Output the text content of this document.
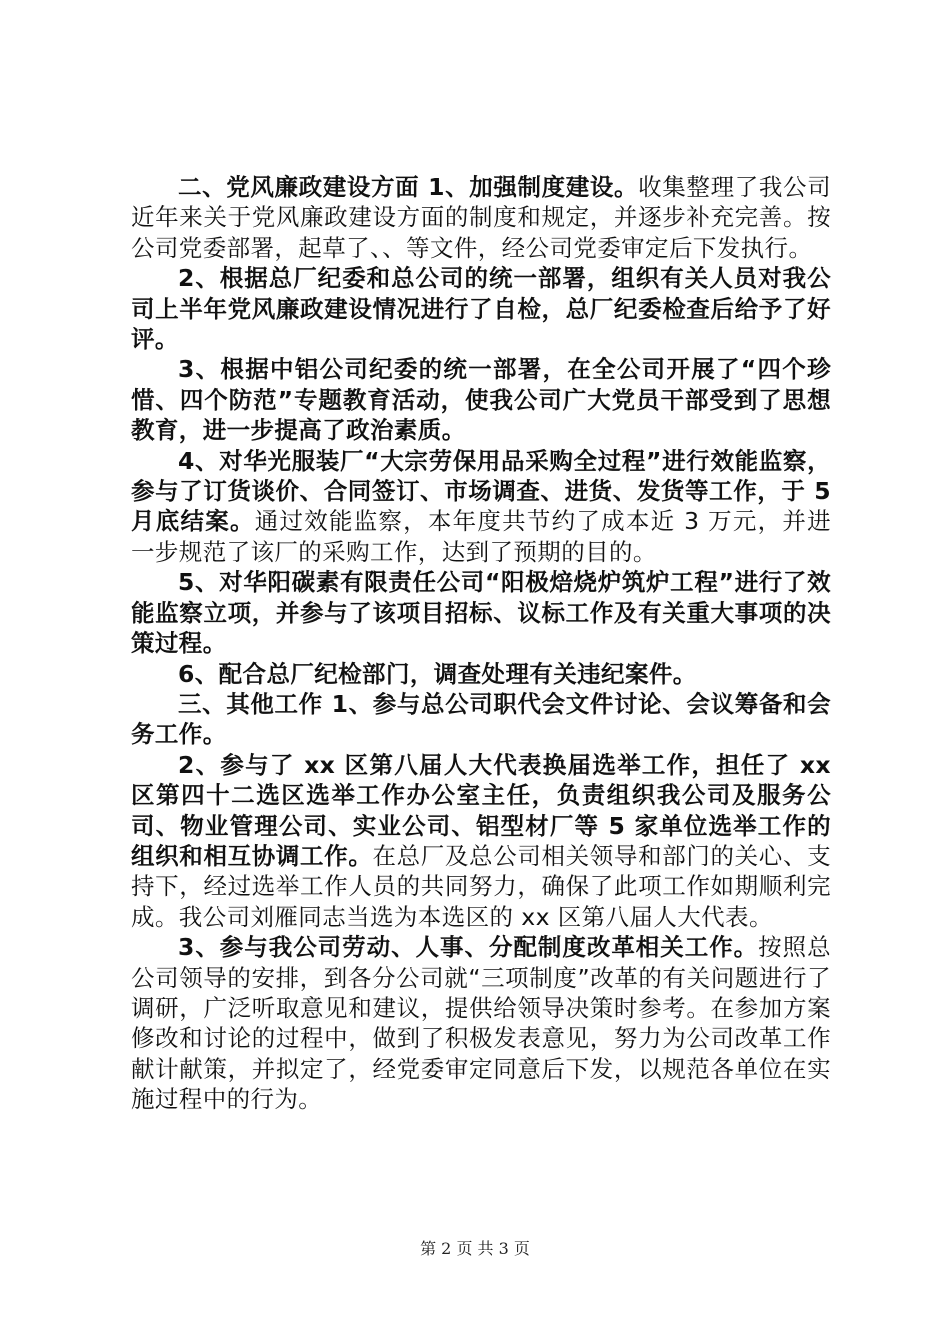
二、党风廉政建设方面 1、加强制度建设。收集整理了我公司近年来关于党风廉政建设方面的制度和规定，并逐步补充完善。按公司党委部署，起草了、、等文件，经公司党委审定后下发执行。

2、根据总厂纪委和总公司的统一部署，组织有关人员对我公司上半年党风廉政建设情况进行了自检，总厂纪委检查后给予了好评。

3、根据中铝公司纪委的统一部署，在全公司开展了“四个珍惜、四个防范”专题教育活动，使我公司广大党员干部受到了思想教育，进一步提高了政治素质。

4、对华光服装厂“大宗劳保用品采购全过程”进行效能监察，参与了订货谈价、合同签订、市场调查、进货、发货等工作，于 5 月底结案。通过效能监察，本年度共节约了成本近 3 万元，并进一步规范了该厂的采购工作，达到了预期的目的。

5、对华阳碳素有限责任公司“阳极焙烧炉筑炉工程”进行了效能监察立项，并参与了该项目招标、议标工作及有关重大事项的决策过程。

6、配合总厂纪检部门，调查处理有关违纪案件。

三、其他工作 1、参与总公司职代会文件讨论、会议筹备和会务工作。

2、参与了 xx 区第八届人大代表换届选举工作，担任了 xx 区第四十二选区选举工作办公室主任，负责组织我公司及服务公司、物业管理公司、实业公司、铝型材厂等 5 家单位选举工作的组织和相互协调工作。在总厂及总公司相关领导和部门的关心、支持下，经过选举工作人员的共同努力，确保了此项工作如期顺利完成。我公司刘雁同志当选为本选区的 xx 区第八届人大代表。

3、参与我公司劳动、人事、分配制度改革相关工作。按照总公司领导的安排，到各分公司就“三项制度”改革的有关问题进行了调研，广泛听取意见和建议，提供给领导决策时参考。在参加方案修改和讨论的过程中，做到了积极发表意见，努力为公司改革工作献计献策，并拟定了，经党委审定同意后下发，以规范各单位在实施过程中的行为。

第 2 页 共 3 页
